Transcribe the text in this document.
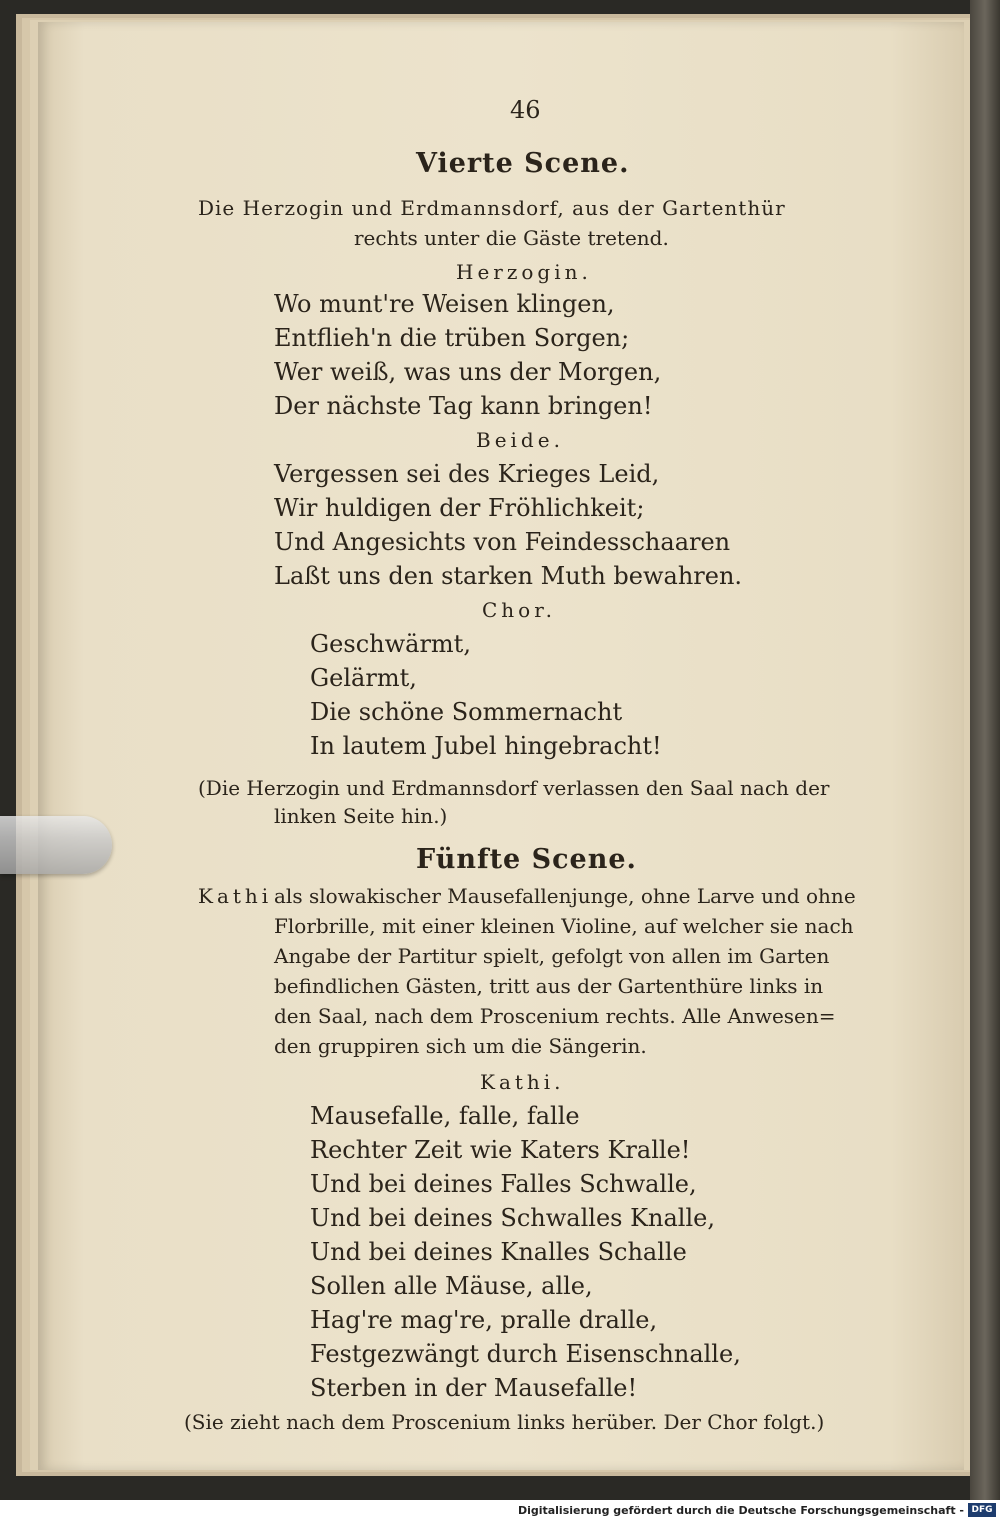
46
Vierte Scene.
Die Herzogin und Erdmannsdorf, aus der Gartenthür
rechts unter die Gäste tretend.
Herzogin.
Wo munt're Weisen klingen,
Entflieh'n die trüben Sorgen;
Wer weiß, was uns der Morgen,
Der nächste Tag kann bringen!
Beide.
Vergessen sei des Krieges Leid,
Wir huldigen der Fröhlichkeit;
Und Angesichts von Feindesschaaren
Laßt uns den starken Muth bewahren.
Chor.
Geschwärmt,
Gelärmt,
Die schöne Sommernacht
In lautem Jubel hingebracht!
(Die Herzogin und Erdmannsdorf verlassen den Saal nach der
linken Seite hin.)
Fünfte Scene.
Kathi als slowakischer Mausefallenjunge, ohne Larve und ohne
Florbrille, mit einer kleinen Violine, auf welcher sie nach
Angabe der Partitur spielt, gefolgt von allen im Garten
befindlichen Gästen, tritt aus der Gartenthüre links in
den Saal, nach dem Proscenium rechts. Alle Anwesen=
den gruppiren sich um die Sängerin.
Kathi.
Mausefalle, falle, falle
Rechter Zeit wie Katers Kralle!
Und bei deines Falles Schwalle,
Und bei deines Schwalles Knalle,
Und bei deines Knalles Schalle
Sollen alle Mäuse, alle,
Hag're mag're, pralle dralle,
Festgezwängt durch Eisenschnalle,
Sterben in der Mausefalle!
(Sie zieht nach dem Proscenium links herüber. Der Chor folgt.)
Digitalisierung gefördert durch die Deutsche Forschungsgemeinschaft - DFG
